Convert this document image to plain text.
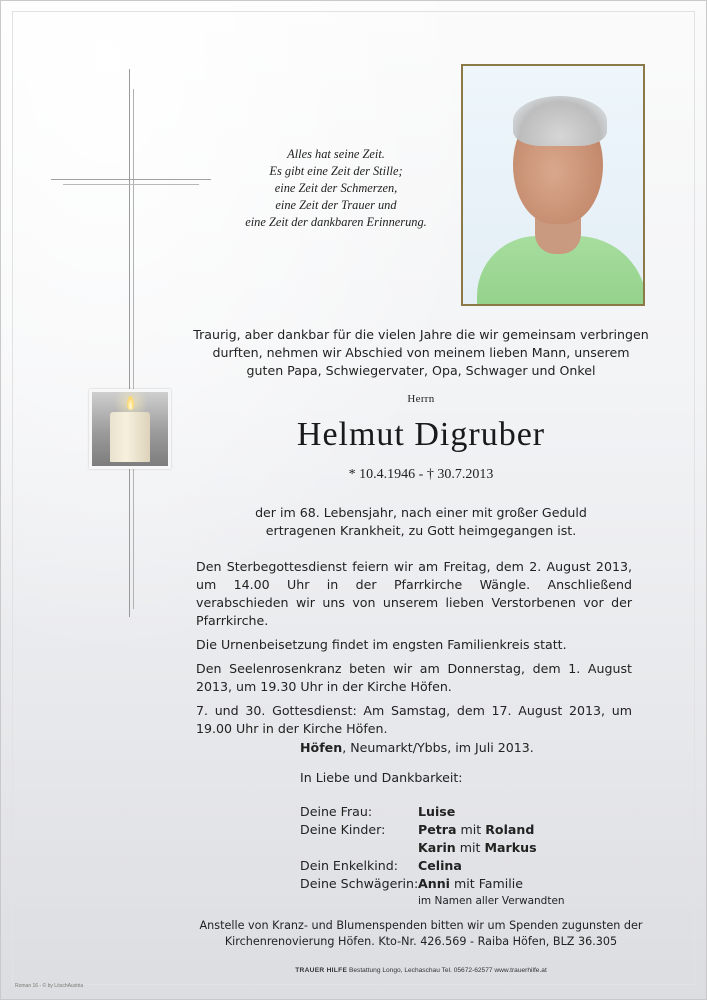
Alles hat seine Zeit.
Es gibt eine Zeit der Stille;
eine Zeit der Schmerzen,
eine Zeit der Trauer und
eine Zeit der dankbaren Erinnerung.
Traurig, aber dankbar für die vielen Jahre die wir gemeinsam verbringen
durften, nehmen wir Abschied von meinem lieben Mann, unserem
guten Papa, Schwiegervater, Opa, Schwager und Onkel
Herrn
Helmut Digruber
* 10.4.1946 - † 30.7.2013
der im 68. Lebensjahr, nach einer mit großer Geduld
ertragenen Krankheit, zu Gott heimgegangen ist.

Den Sterbegottesdienst feiern wir am Freitag, dem 2. August 2013, um 14.00 Uhr in der Pfarrkirche Wängle. Anschließend verabschieden wir uns von unserem lieben Verstorbenen vor der Pfarrkirche.

Die Urnenbeisetzung findet im engsten Familienkreis statt.

Den Seelenrosenkranz beten wir am Donnerstag, dem 1. August 2013, um 19.30 Uhr in der Kirche Höfen.

7. und 30. Gottesdienst: Am Samstag, dem 17. August 2013, um 19.00 Uhr in der Kirche Höfen.

Höfen, Neumarkt/Ybbs, im Juli 2013.
In Liebe und Dankbarkeit:
Deine Frau:	Luise
Deine Kinder:	Petra mit Roland
Karin mit Markus
Dein Enkelkind:	Celina
Deine Schwägerin: Anni mit Familie
im Namen aller Verwandten
Anstelle von Kranz- und Blumenspenden bitten wir um Spenden zugunsten der
Kirchenrenovierung Höfen. Kto-Nr. 426.569 - Raiba Höfen, BLZ 36.305
TRAUER HILFE Bestattung Longo, Lechaschau Tel. 05672-62577 www.trauerhilfe.at
Roman 16 - © by LöschAustria
